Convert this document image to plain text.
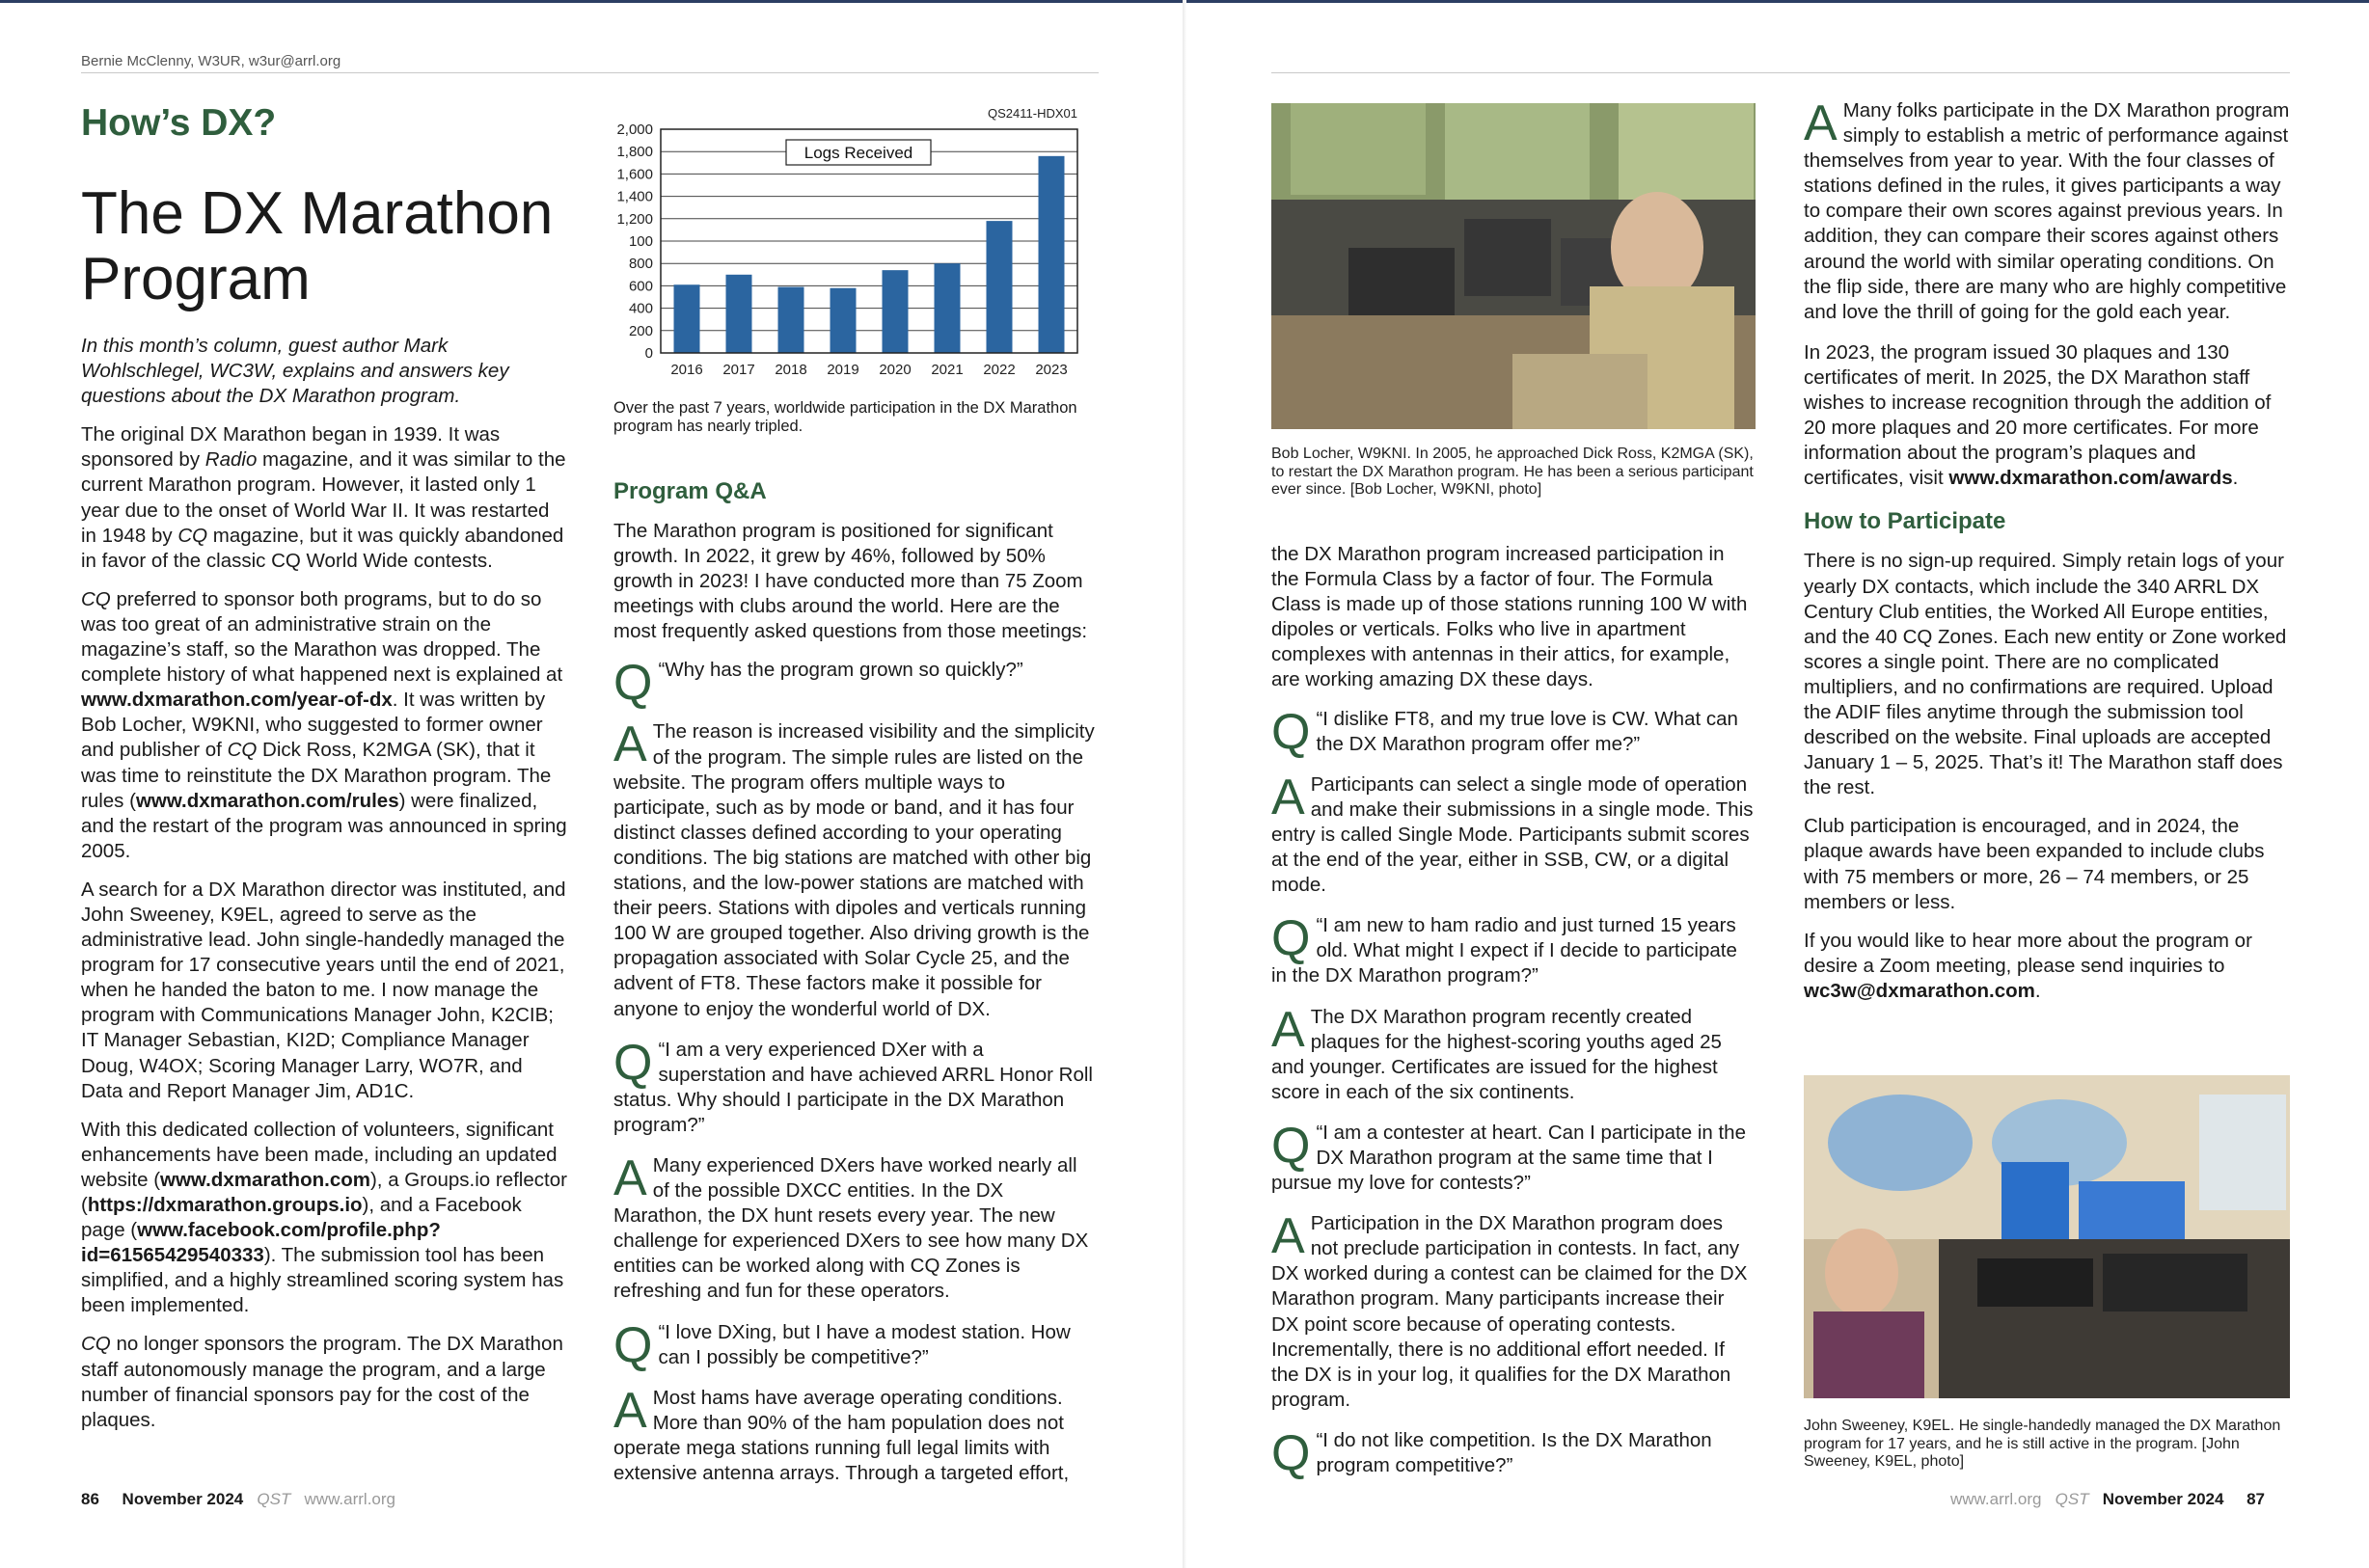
Bernie McClenny, W3UR, w3ur@arrl.org
How’s DX?
The DX Marathon
Program

In this month’s column, guest author Mark Wohlschlegel, WC3W, explains and answers key questions about the DX Marathon program.

The original DX Marathon began in 1939. It was sponsored by Radio magazine, and it was similar to the current Marathon program. However, it lasted only 1 year due to the onset of World War II. It was restarted in 1948 by CQ magazine, but it was quickly abandoned in favor of the classic CQ World Wide contests.

CQ preferred to sponsor both programs, but to do so was too great of an administrative strain on the magazine’s staff, so the Marathon was dropped. The complete history of what happened next is explained at www.dxmarathon.com/year-of-dx. It was written by Bob Locher, W9KNI, who suggested to former owner and publisher of CQ Dick Ross, K2MGA (SK), that it was time to reinstitute the DX Marathon program. The rules (www.dxmarathon.com/rules) were finalized, and the restart of the program was announced in spring 2005.

A search for a DX Marathon director was instituted, and John Sweeney, K9EL, agreed to serve as the administrative lead. John single-handedly managed the program for 17 consecutive years until the end of 2021, when he handed the baton to me. I now manage the program with Communications Manager John, K2CIB; IT Manager Sebastian, KI2D; Compliance Manager Doug, W4OX; Scoring Manager Larry, WO7R, and Data and Report Manager Jim, AD1C.

With this dedicated collection of volunteers, significant enhancements have been made, including an updated website (www.dxmarathon.com), a Groups.io reflector (https://dxmarathon.groups.io), and a Facebook page (www.facebook.com/profile.php?id=61565429540333). The submission tool has been simplified, and a highly streamlined scoring system has been implemented.

CQ no longer sponsors the program. The DX Marathon staff autonomously manage the program, and a large number of financial sponsors pay for the cost of the plaques.

QS2411-HDX01
0
200
400
600
800
100
1,200
1,400
1,600
1,800
2,000
2016 2017 2018 2019 2020 2021 2022 2023
Logs Received

Over the past 7 years, worldwide participation in the DX Marathon program has nearly tripled.

Program Q&A

The Marathon program is positioned for significant growth. In 2022, it grew by 46%, followed by 50% growth in 2023! I have conducted more than 75 Zoom meetings with clubs around the world. Here are the most frequently asked questions from those meetings:

Q “Why has the program grown so quickly?”
A The reason is increased visibility and the simplicity of the program. The simple rules are listed on the website. The program offers multiple ways to participate, such as by mode or band, and it has four distinct classes defined according to your operating conditions. The big stations are matched with other big stations, and the low-power stations are matched with their peers. Stations with dipoles and verticals running 100 W are grouped together. Also driving growth is the propagation associated with Solar Cycle 25, and the advent of FT8. These factors make it possible for anyone to enjoy the wonderful world of DX.
Q “I am a very experienced DXer with a superstation and have achieved ARRL Honor Roll status. Why should I participate in the DX Marathon program?”
A Many experienced DXers have worked nearly all of the possible DXCC entities. In the DX Marathon, the DX hunt resets every year. The new challenge for experienced DXers to see how many DX entities can be worked along with CQ Zones is refreshing and fun for these operators.
Q “I love DXing, but I have a modest station. How can I possibly be competitive?”
A Most hams have average operating conditions. More than 90% of the ham population does not operate mega stations running full legal limits with extensive antenna arrays. Through a targeted effort,
86 November 2024 QST www.arrl.org
Bob Locher, W9KNI. In 2005, he approached Dick Ross, K2MGA (SK), to restart the DX Marathon program. He has been a serious participant ever since. [Bob Locher, W9KNI, photo]

the DX Marathon program increased participation in the Formula Class by a factor of four. The Formula Class is made up of those stations running 100 W with dipoles or verticals. Folks who live in apartment complexes with antennas in their attics, for example, are working amazing DX these days.

Q “I dislike FT8, and my true love is CW. What can the DX Marathon program offer me?”
A Participants can select a single mode of operation and make their submissions in a single mode. This entry is called Single Mode. Participants submit scores at the end of the year, either in SSB, CW, or a digital mode.
Q “I am new to ham radio and just turned 15 years old. What might I expect if I decide to participate in the DX Marathon program?”
A The DX Marathon program recently created plaques for the highest-scoring youths aged 25 and younger. Certificates are issued for the highest score in each of the six continents.
Q “I am a contester at heart. Can I participate in the DX Marathon program at the same time that I pursue my love for contests?”
A Participation in the DX Marathon program does not preclude participation in contests. In fact, any DX worked during a contest can be claimed for the DX Marathon program. Many participants increase their DX point score because of operating contests. Incrementally, there is no additional effort needed. If the DX is in your log, it qualifies for the DX Marathon program.
Q “I do not like competition. Is the DX Marathon program competitive?”
A Many folks participate in the DX Marathon program simply to establish a metric of performance against themselves from year to year. With the four classes of stations defined in the rules, it gives participants a way to compare their own scores against previous years. In addition, they can compare their scores against others around the world with similar operating conditions. On the flip side, there are many who are highly competitive and love the thrill of going for the gold each year.

In 2023, the program issued 30 plaques and 130 certificates of merit. In 2025, the DX Marathon staff wishes to increase recognition through the addition of 20 more plaques and 20 more certificates. For more information about the program’s plaques and certificates, visit www.dxmarathon.com/awards.

How to Participate

There is no sign-up required. Simply retain logs of your yearly DX contacts, which include the 340 ARRL DX Century Club entities, the Worked All Europe entities, and the 40 CQ Zones. Each new entity or Zone worked scores a single point. There are no complicated multipliers, and no confirmations are required. Upload the ADIF files anytime through the submission tool described on the website. Final uploads are accepted January 1 – 5, 2025. That’s it! The Marathon staff does the rest.

Club participation is encouraged, and in 2024, the plaque awards have been expanded to include clubs with 75 members or more, 26 – 74 members, or 25 members or less.

If you would like to hear more about the program or desire a Zoom meeting, please send inquiries to wc3w@dxmarathon.com.

John Sweeney, K9EL. He single-handedly managed the DX Marathon program for 17 years, and he is still active in the program. [John Sweeney, K9EL, photo]
www.arrl.org QST November 2024 87
